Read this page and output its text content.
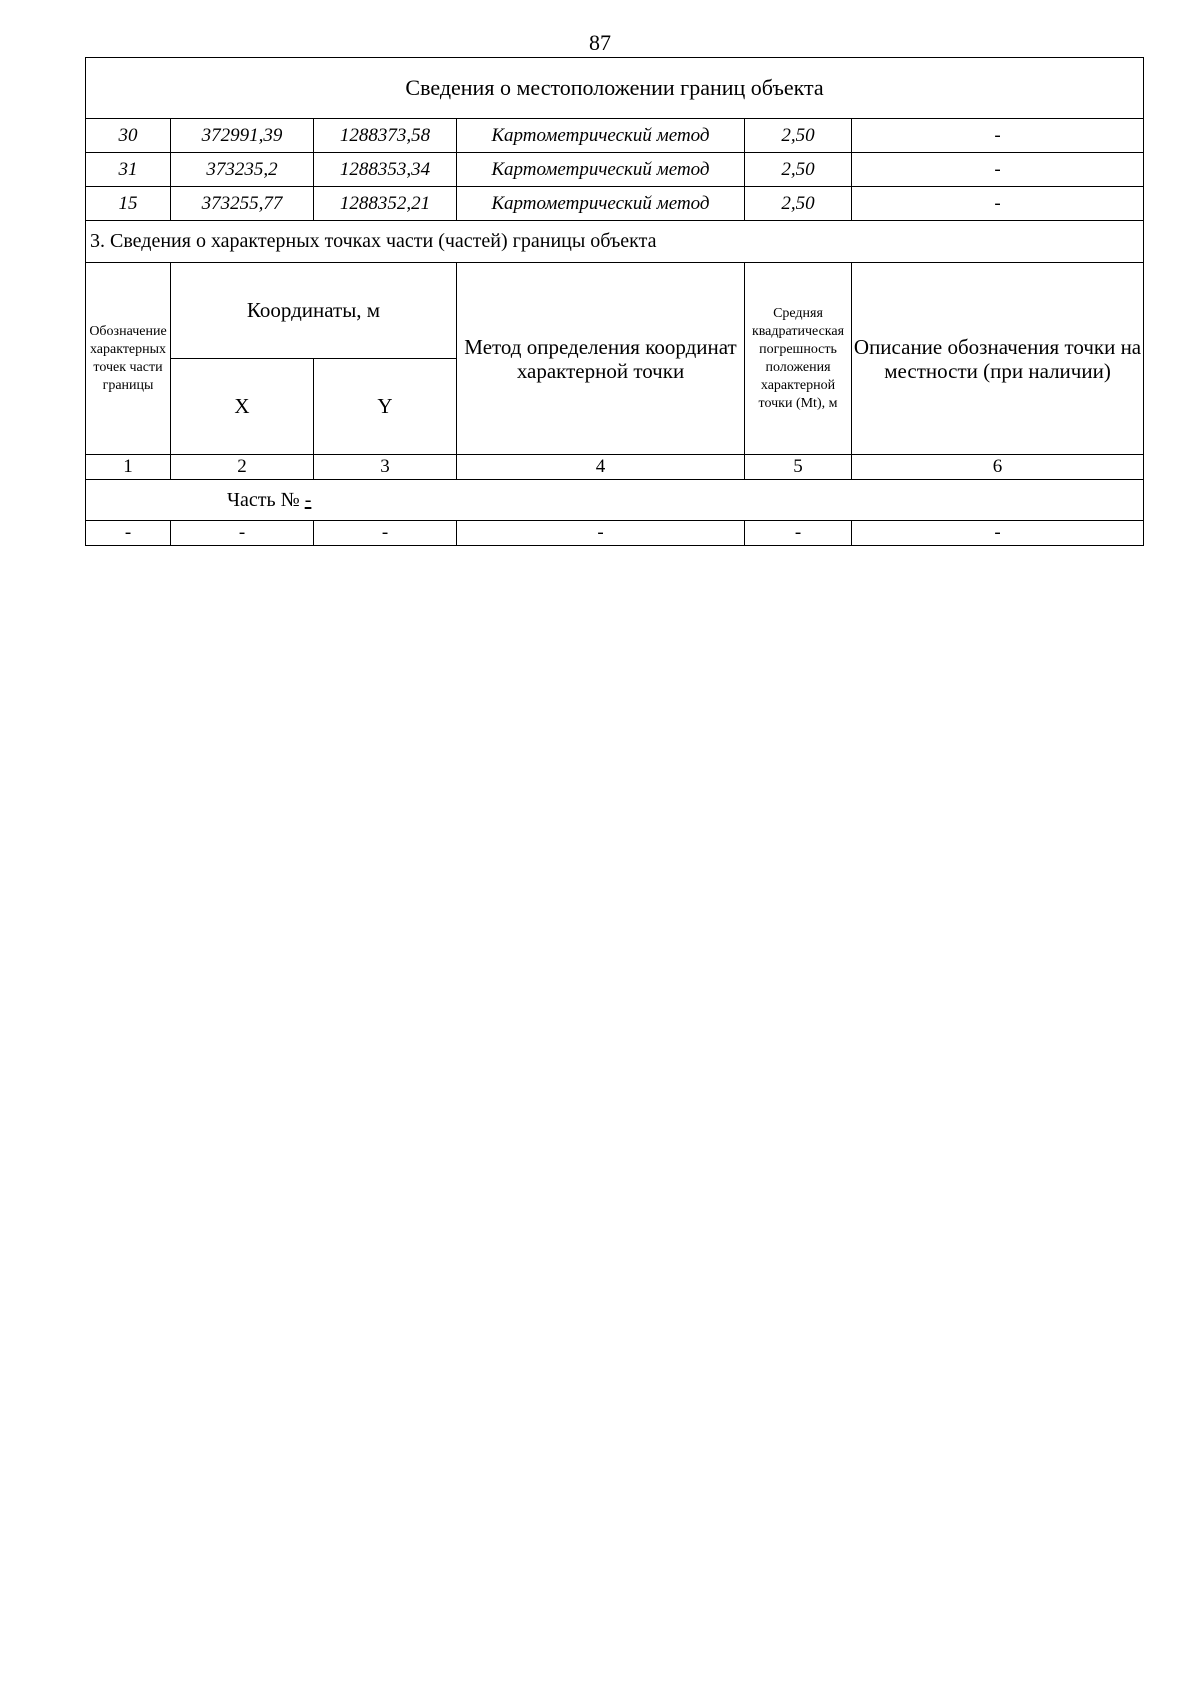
87
Сведения о местоположении границ объекта					
30	372991,39	1288373,58	Картометрический метод	2,50	-
31	373235,2	1288353,34	Картометрический метод	2,50	-
15	373255,77	1288352,21	Картометрический метод	2,50	-
3. Сведения о характерных точках части (частей) границы объекта					
Обозначение характерных точек части границы	Координаты, м		Метод определения координат характерной точки	Средняя квадратическая погрешность положения характерной точки (Mt), м	Описание обозначения точки на местности (при наличии)
	X	Y			
1	2	3	4	5	6
Часть № -					
-	-	-	-	-	-
